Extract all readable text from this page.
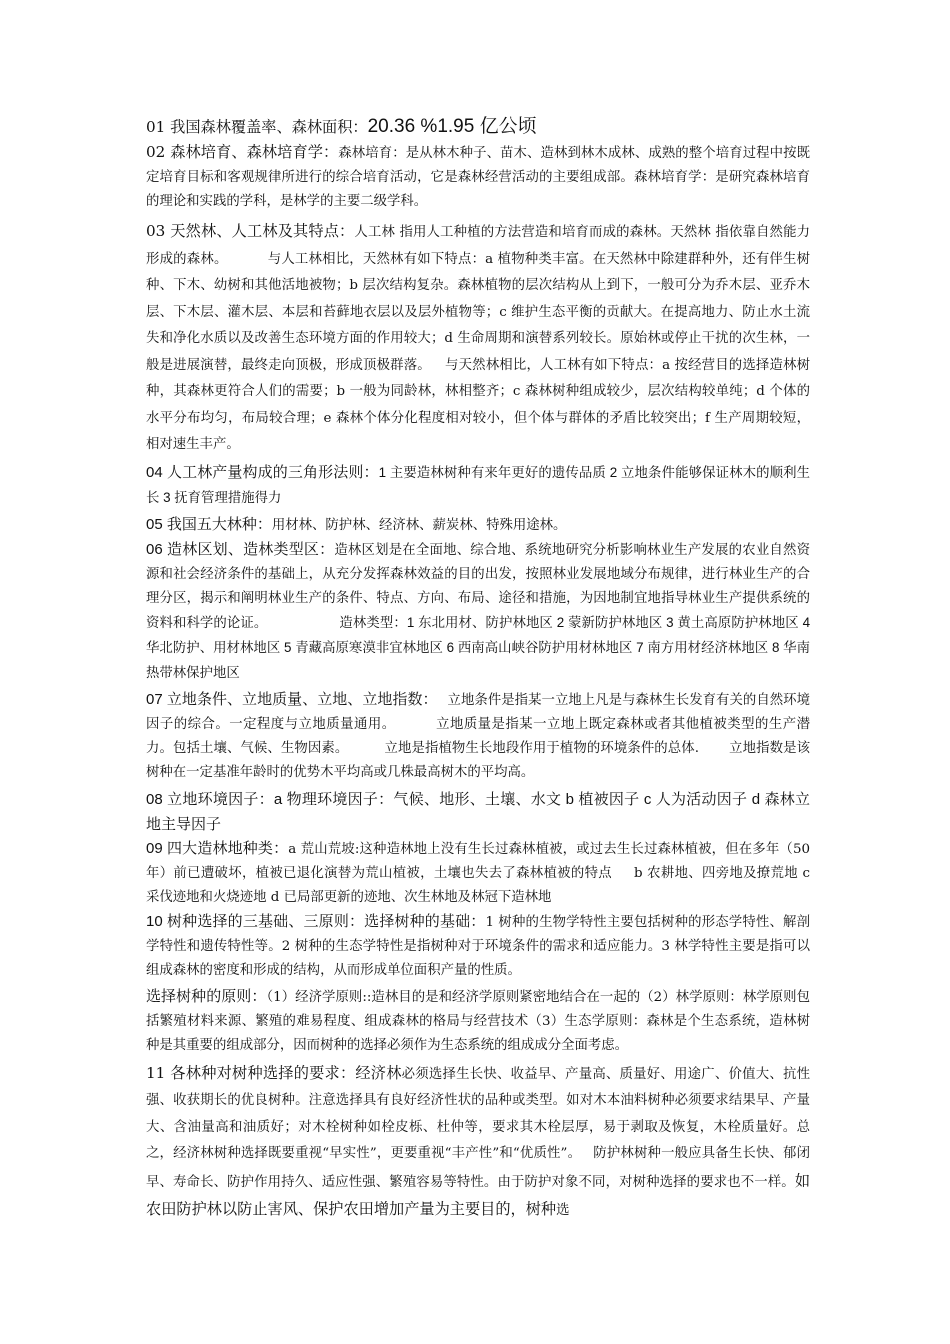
01 我国森林覆盖率、森林面积：20.36 %1.95 亿公顷

02 森林培育、森林培育学：森林培育：是从林木种子、苗木、造林到林木成林、成熟的整个培育过程中按既定培育目标和客观规律所进行的综合培育活动，它是森林经营活动的主要组成部。森林培育学：是研究森林培育的理论和实践的学科，是林学的主要二级学科。

03 天然林、人工林及其特点：人工林 指用人工种植的方法营造和培育而成的森林。天然林 指依靠自然能力形成的森林。	与人工林相比，天然林有如下特点：a 植物种类丰富。在天然林中除建群种外，还有伴生树种、下木、幼树和其他活地被物；b 层次结构复杂。森林植物的层次结构从上到下，一般可分为乔木层、亚乔木层、下木层、灌木层、本层和苔藓地衣层以及层外植物等；c 维护生态平衡的贡献大。在提高地力、防止水土流失和净化水质以及改善生态环境方面的作用较大；d 生命周期和演替系列较长。原始林或停止干扰的次生林，一般是进展演替，最终走向顶极，形成顶极群落。 与天然林相比，人工林有如下特点：a 按经营目的选择造林树种，其森林更符合人们的需要；b 一般为同龄林，林相整齐；c 森林树种组成较少，层次结构较单纯；d 个体的水平分布均匀，布局较合理；e 森林个体分化程度相对较小，但个体与群体的矛盾比较突出；f 生产周期较短，相对速生丰产。

04 人工林产量构成的三角形法则：1 主要造林树种有来年更好的遗传品质 2 立地条件能够保证林木的顺利生长 3 抚育管理措施得力

05 我国五大林种：用材林、防护林、经济林、薪炭林、特殊用途林。

06 造林区划、造林类型区：造林区划是在全面地、综合地、系统地研究分析影响林业生产发展的农业自然资源和社会经济条件的基础上，从充分发挥森林效益的目的出发，按照林业发展地域分布规律，进行林业生产的合理分区，揭示和阐明林业生产的条件、特点、方向、布局、途径和措施，为因地制宜地指导林业生产提供系统的资料和科学的论证。	造林类型：1 东北用材、防护林地区 2 蒙新防护林地区 3 黄土高原防护林地区 4 华北防护、用材林地区 5 青藏高原寒漠非宜林地区 6 西南高山峡谷防护用材林地区 7 南方用材经济林地区 8 华南热带林保护地区

07 立地条件、立地质量、立地、立地指数： 立地条件是指某一立地上凡是与森林生长发育有关的自然环境因子的综合。一定程度与立地质量通用。	立地质量是指某一立地上既定森林或者其他植被类型的生产潜力。包括土壤、气候、生物因素。	立地是指植物生长地段作用于植物的环境条件的总体. 立地指数是该树种在一定基准年龄时的优势木平均高或几株最高树木的平均高。

08 立地环境因子：a 物理环境因子：气候、地形、土壤、水文 b 植被因子 c 人为活动因子 d 森林立地主导因子

09 四大造林地种类：a 荒山荒坡:这种造林地上没有生长过森林植被，或过去生长过森林植被，但在多年（50 年）前已遭破坏，植被已退化演替为荒山植被，土壤也失去了森林植被的特点 b 农耕地、四旁地及撩荒地 c 采伐迹地和火烧迹地 d 已局部更新的迹地、次生林地及林冠下造林地

10 树种选择的三基础、三原则：选择树种的基础：1 树种的生物学特性主要包括树种的形态学特性、解剖学特性和遗传特性等。2 树种的生态学特性是指树种对于环境条件的需求和适应能力。3 林学特性主要是指可以组成森林的密度和形成的结构，从而形成单位面积产量的性质。

选择树种的原则：（1）经济学原则::造林目的是和经济学原则紧密地结合在一起的（2）林学原则：林学原则包括繁殖材料来源、繁殖的难易程度、组成森林的格局与经营技术（3）生态学原则：森林是个生态系统，造林树种是其重要的组成部分，因而树种的选择必须作为生态系统的组成成分全面考虑。

11 各林种对树种选择的要求：经济林必须选择生长快、收益早、产量高、质量好、用途广、价值大、抗性强、收获期长的优良树种。注意选择具有良好经济性状的品种或类型。如对木本油料树种必须要求结果早、产量大、含油量高和油质好；对木栓树种如栓皮栎、杜仲等，要求其木栓层厚，易于剥取及恢复，木栓质量好。总之，经济林树种选择既要重视“早实性”，更要重视“丰产性”和“优质性”。 防护林树种一般应具备生长快、郁闭早、寿命长、防护作用持久、适应性强、繁殖容易等特性。由于防护对象不同，对树种选择的要求也不一样。如农田防护林以防止害风、保护农田增加产量为主要目的，树种选
